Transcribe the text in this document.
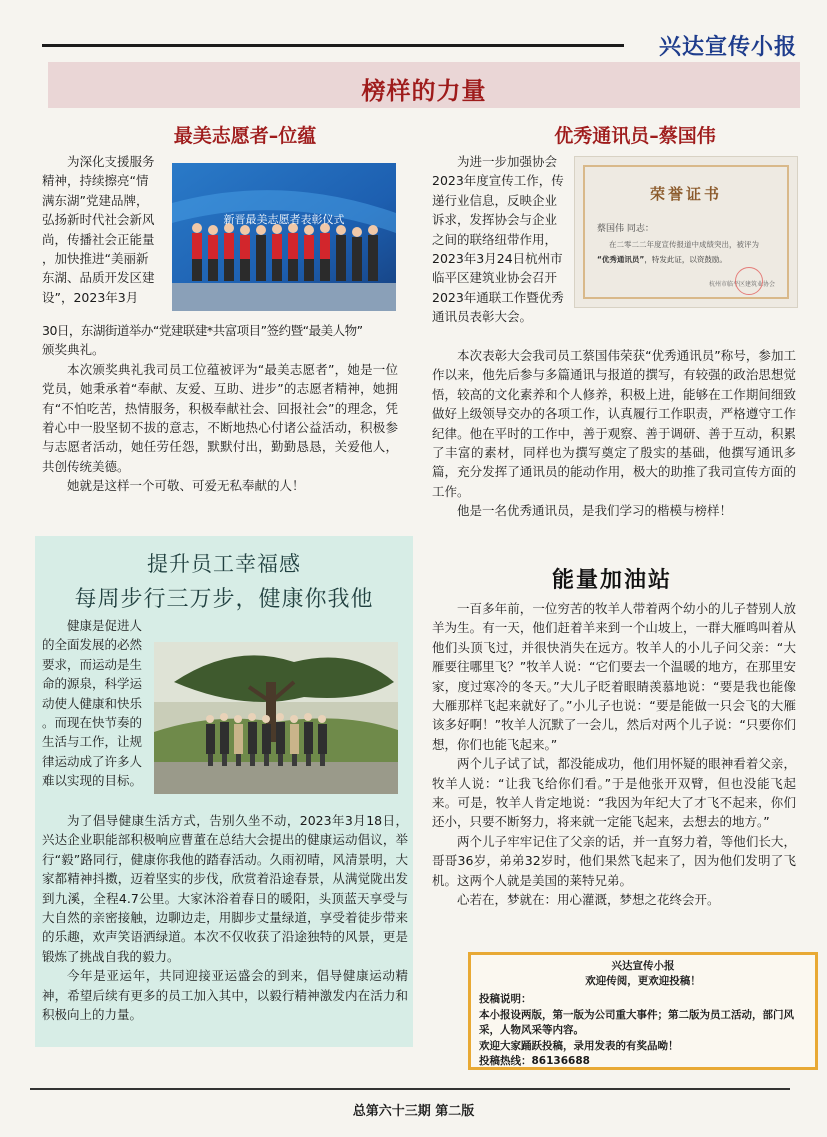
兴达宣传小报
榜样的力量
最美志愿者–位蕴

为深化支援服务

精神，持续擦亮“情

满东湖”党建品牌，

弘扬新时代社会新风

尚，传播社会正能量

，加快推进“美丽新

东湖、品质开发区建

设”，2023年3月

新晋最美志愿者表彰仪式

30日，东湖街道举办“党建联建*共富项目”签约暨“最美人物”

颁奖典礼。

本次颁奖典礼我司员工位蕴被评为“最美志愿者”，她是一位党员，她秉承着“奉献、友爱、互助、进步”的志愿者精神，她拥有“不怕吃苦，热情服务，积极奉献社会、回报社会”的理念，凭着心中一股坚韧不拔的意志，不断地热心付诸公益活动，积极参与志愿者活动，她任劳任怨，默默付出，勤勤恳恳，关爱他人，共创传统美德。

她就是这样一个可敬、可爱无私奉献的人！

优秀通讯员–蔡国伟

为进一步加强协会

2023年度宣传工作，传

递行业信息，反映企业

诉求，发挥协会与企业

之间的联络纽带作用，

2023年3月24日杭州市

临平区建筑业协会召开

2023年通联工作暨优秀

通讯员表彰大会。

荣誉证书
蔡国伟 同志：
在二零二二年度宣传报道中成绩突出，被评为
“优秀通讯员”，特发此证，以资鼓励。
杭州市临平区建筑业协会

本次表彰大会我司员工蔡国伟荣获“优秀通讯员”称号，参加工作以来，他先后参与多篇通讯与报道的撰写，有较强的政治思想觉悟，较高的文化素养和个人修养，积极上进，能够在工作期间细致做好上级领导交办的各项工作，认真履行工作职责，严格遵守工作纪律。他在平时的工作中，善于观察、善于调研、善于互动，积累了丰富的素材，同样也为撰写奠定了殷实的基础，他撰写通讯多篇，充分发挥了通讯员的能动作用，极大的助推了我司宣传方面的工作。

他是一名优秀通讯员，是我们学习的楷模与榜样！

提升员工幸福感
每周步行三万步，健康你我他

健康是促进人

的全面发展的必然

要求，而运动是生

命的源泉，科学运

动使人健康和快乐

。而现在快节奏的

生活与工作，让规

律运动成了许多人

难以实现的目标。

为了倡导健康生活方式，告别久坐不动，2023年3月18日，兴达企业职能部积极响应曹董在总结大会提出的健康运动倡议，举行“毅”路同行，健康你我他的踏春活动。久雨初晴，风清景明，大家都精神抖擞，迈着坚实的步伐，欣赏着沿途春景，从满觉陇出发到九溪，全程4.7公里。大家沐浴着春日的暖阳，头顶蓝天享受与大自然的亲密接触，边聊边走，用脚步丈量绿道，享受着徒步带来的乐趣，欢声笑语洒绿道。本次不仅收获了沿途独特的风景，更是锻炼了挑战自我的毅力。

今年是亚运年，共同迎接亚运盛会的到来，倡导健康运动精神，希望后续有更多的员工加入其中，以毅行精神激发内在活力和积极向上的力量。

能量加油站

一百多年前，一位穷苦的牧羊人带着两个幼小的儿子替别人放羊为生。有一天，他们赶着羊来到一个山坡上，一群大雁鸣叫着从他们头顶飞过，并很快消失在远方。牧羊人的小儿子问父亲：“大雁要往哪里飞？”牧羊人说：“它们要去一个温暖的地方，在那里安家，度过寒冷的冬天。”大儿子眨着眼睛羡慕地说：“要是我也能像大雁那样飞起来就好了。”小儿子也说：“要是能做一只会飞的大雁该多好啊！”牧羊人沉默了一会儿，然后对两个儿子说：“只要你们想，你们也能飞起来。”

两个儿子试了试，都没能成功，他们用怀疑的眼神看着父亲，牧羊人说：“让我飞给你们看。”于是他张开双臂，但也没能飞起来。可是，牧羊人肯定地说：“我因为年纪大了才飞不起来，你们还小，只要不断努力，将来就一定能飞起来，去想去的地方。”

两个儿子牢牢记住了父亲的话，并一直努力着，等他们长大，哥哥36岁，弟弟32岁时，他们果然飞起来了，因为他们发明了飞机。这两个人就是美国的莱特兄弟。

心若在，梦就在：用心灌溉，梦想之花终会开。

兴达宣传小报
欢迎传阅，更欢迎投稿！
投稿说明：
本小报设两版，第一版为公司重大事件；第二版为员工活动，部门风采，人物风采等内容。
欢迎大家踊跃投稿，录用发表的有奖品呦！
投稿热线：86136688
总第六十三期 第二版
